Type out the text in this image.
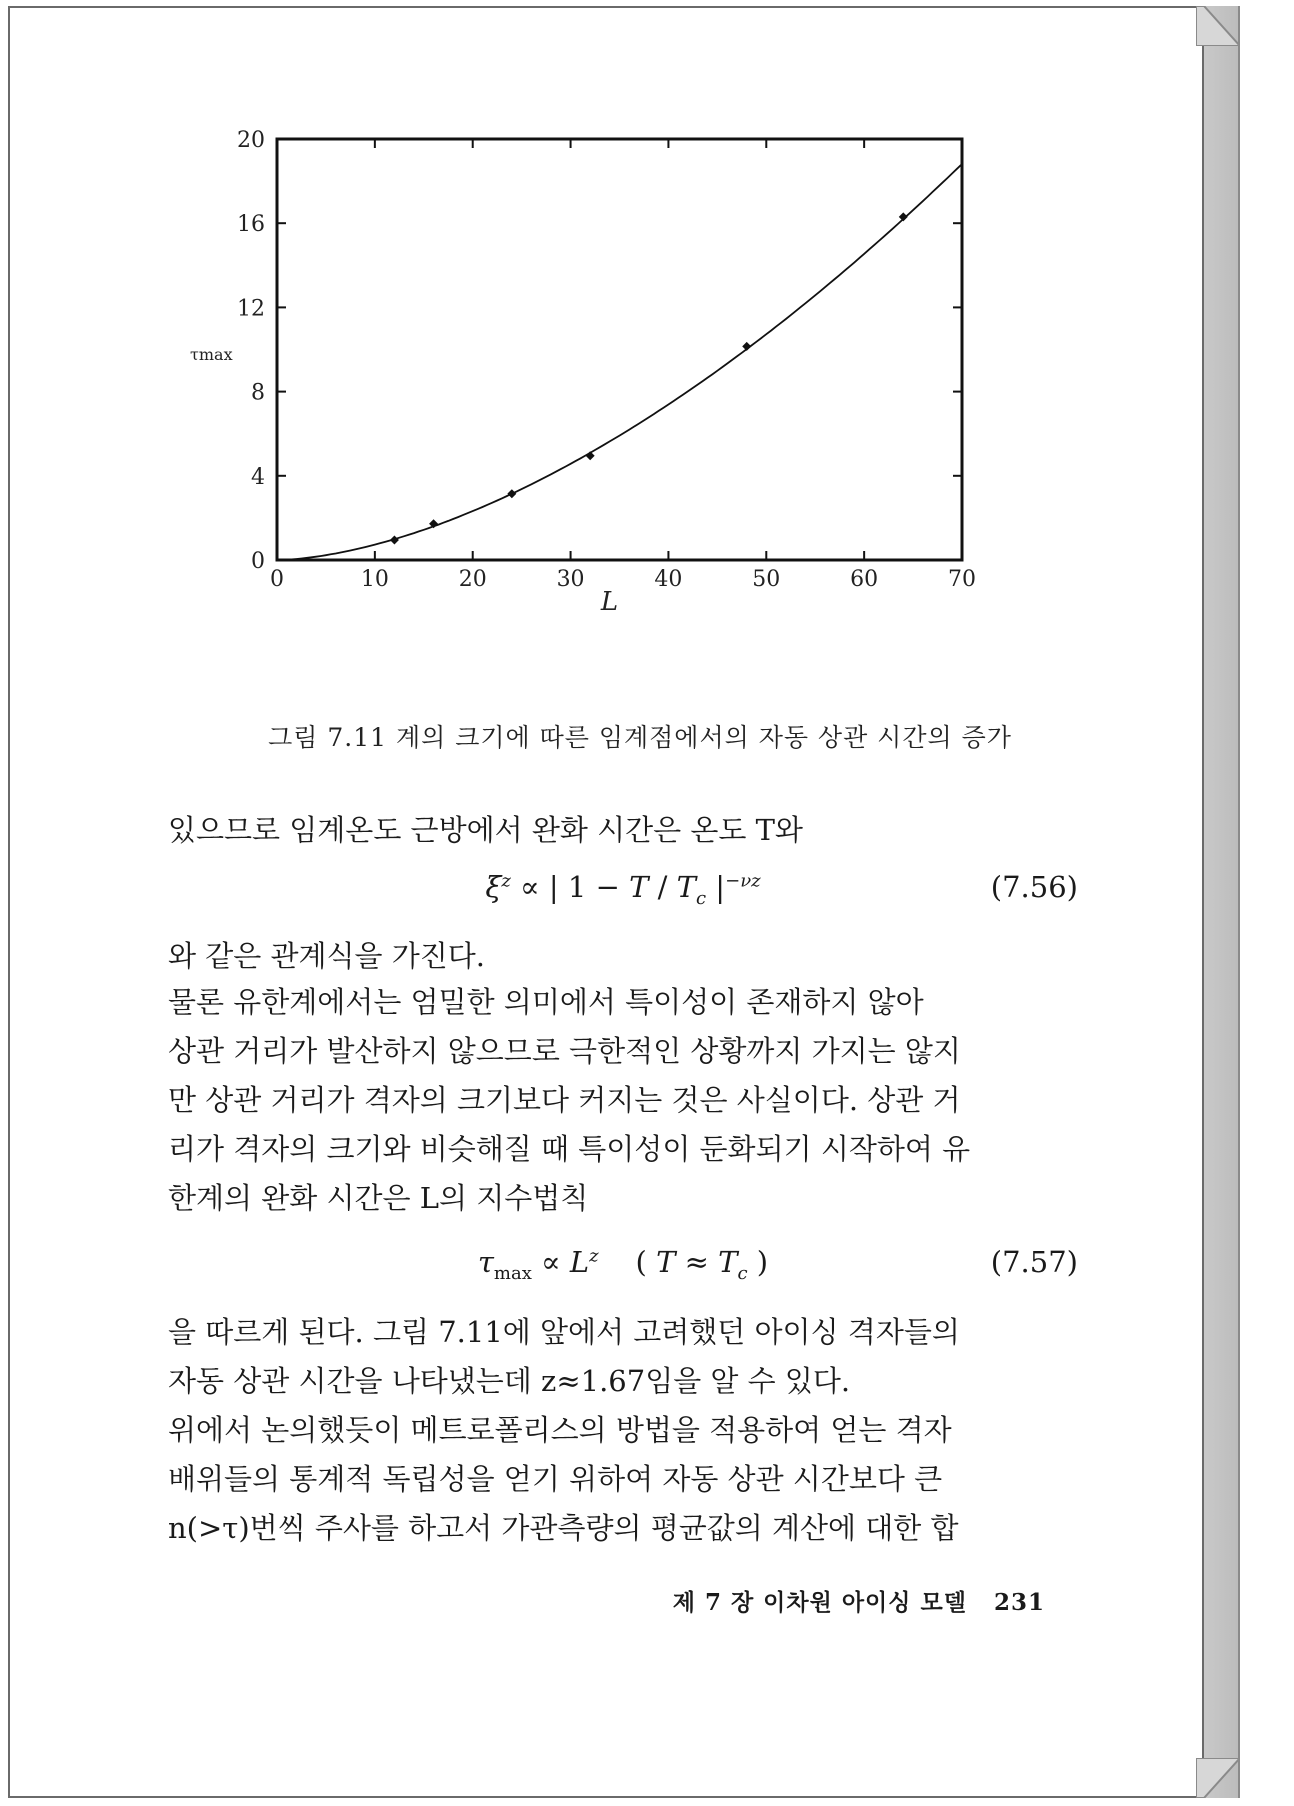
0	10	20	30	40	50	60	70
0
4
8
12
16
20
L
τmax
그림 7.11 계의 크기에 따른 임계점에서의 자동 상관 시간의 증가

있으므로 임계온도 근방에서 완화 시간은 온도 T와

$\xi^z$ ∝ | $1 - T / T_c$ $|^{-\nu z}$	(7.56)

와 같은 관계식을 가진다.

물론 유한계에서는 엄밀한 의미에서 특이성이 존재하지 않아

상관 거리가 발산하지 않으므로 극한적인 상황까지 가지는 않지

만 상관 거리가 격자의 크기보다 커지는 것은 사실이다. 상관 거

리가 격자의 크기와 비슷해질 때 특이성이 둔화되기 시작하여 유

한계의 완화 시간은 L의 지수법칙

$\tau_{max} \propto L^z$    ( $T \approx T_c$ )	(7.57)

을 따르게 된다. 그림 7.11에 앞에서 고려했던 아이싱 격자들의

자동 상관 시간을 나타냈는데 z≈1.67임을 알 수 있다.

위에서 논의했듯이 메트로폴리스의 방법을 적용하여 얻는 격자

배위들의 통계적 독립성을 얻기 위하여 자동 상관 시간보다 큰

n(>τ)번씩 주사를 하고서 가관측량의 평균값의 계산에 대한 합

제 7 장 이차원 아이싱 모델 231
